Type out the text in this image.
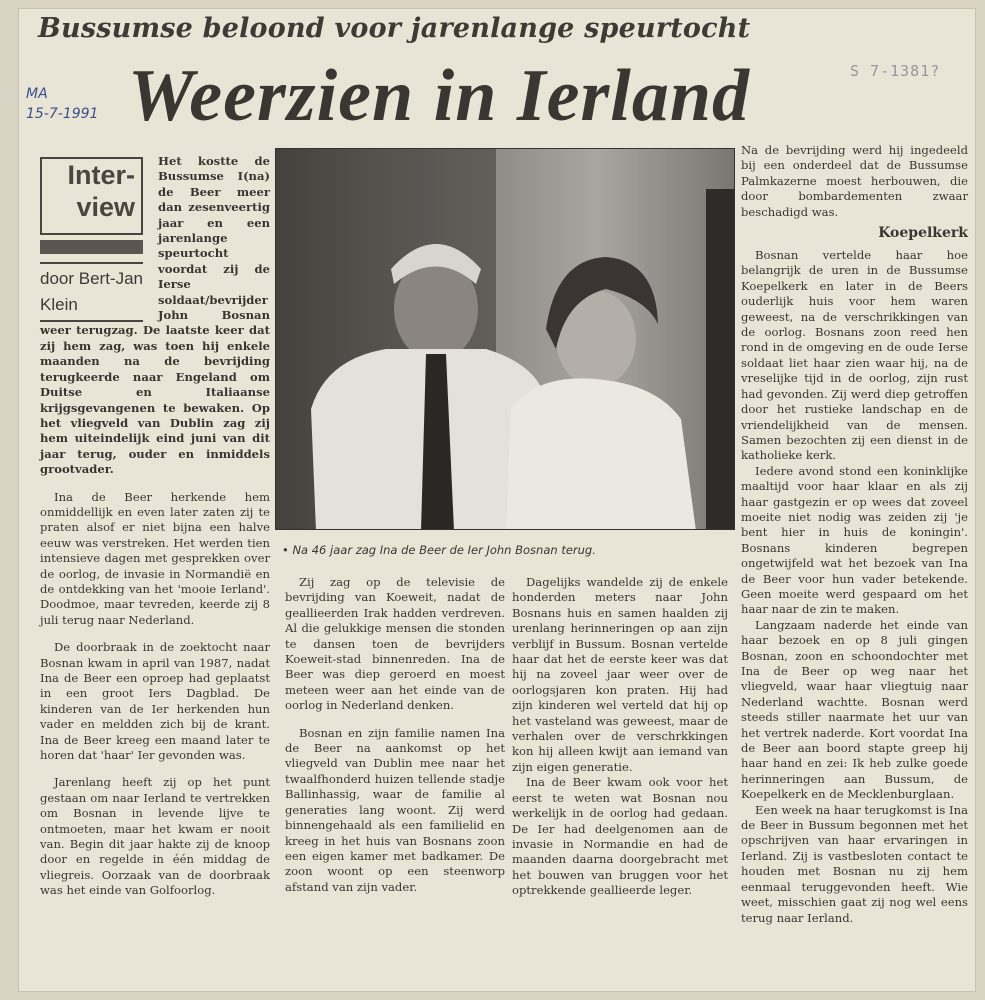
Bussumse beloond voor jarenlange speurtocht
Weerzien in Ierland
MA
15-7-1991
S 7-1381?
Inter- view
door Bert-Jan Klein
Het kostte de Bussumse I(na) de Beer meer dan zesenveertig jaar en een jarenlange speurtocht voordat zij de Ierse soldaat/bevrijder John Bosnan weer terugzag. De laatste keer dat zij hem zag, was toen hij enkele maanden na de bevrijding terugkeerde naar Engeland om Duitse en Italiaanse krijgsgevangenen te bewaken. Op het vliegveld van Dublin zag zij hem uiteindelijk eind juni van dit jaar terug, ouder en inmiddels grootvader.

Ina de Beer herkende hem onmiddellijk en even later zaten zij te praten alsof er niet bijna een halve eeuw was verstreken. Het werden tien intensieve dagen met gesprekken over de oorlog, de invasie in Normandië en de ontdekking van het 'mooie Ierland'. Doodmoe, maar tevreden, keerde zij 8 juli terug naar Nederland.

De doorbraak in de zoektocht naar Bosnan kwam in april van 1987, nadat Ina de Beer een oproep had geplaatst in een groot Iers Dagblad. De kinderen van de Ier herkenden hun vader en meldden zich bij de krant. Ina de Beer kreeg een maand later te horen dat 'haar' Ier gevonden was.

Jarenlang heeft zij op het punt gestaan om naar Ierland te vertrekken om Bosnan in levende lijve te ontmoeten, maar het kwam er nooit van. Begin dit jaar hakte zij de knoop door en regelde in één middag de vliegreis. Oorzaak van de doorbraak was het einde van Golfoorlog.

• Na 46 jaar zag Ina de Beer de Ier John Bosnan terug.

Zij zag op de televisie de bevrijding van Koeweit, nadat de geallieerden Irak hadden verdreven. Al die gelukkige mensen die stonden te dansen toen de bevrijders Koeweit-stad binnenreden. Ina de Beer was diep geroerd en moest meteen weer aan het einde van de oorlog in Nederland denken.

Bosnan en zijn familie namen Ina de Beer na aankomst op het vliegveld van Dublin mee naar het twaalfhonderd huizen tellende stadje Ballinhassig, waar de familie al generaties lang woont. Zij werd binnengehaald als een familielid en kreeg in het huis van Bosnans zoon een eigen kamer met badkamer. De zoon woont op een steenworp afstand van zijn vader.

Dagelijks wandelde zij de enkele honderden meters naar John Bosnans huis en samen haalden zij urenlang herinneringen op aan zijn verblijf in Bussum. Bosnan vertelde haar dat het de eerste keer was dat hij na zoveel jaar weer over de oorlogsjaren kon praten. Hij had zijn kinderen wel verteld dat hij op het vasteland was geweest, maar de verhalen over de verschrkkingen kon hij alleen kwijt aan iemand van zijn eigen generatie.

Ina de Beer kwam ook voor het eerst te weten wat Bosnan nou werkelijk in de oorlog had gedaan. De Ier had deelgenomen aan de invasie in Normandie en had de maanden daarna doorgebracht met het bouwen van bruggen voor het optrekkende geallieerde leger.

Na de bevrijding werd hij ingedeeld bij een onderdeel dat de Bussumse Palmkazerne moest herbouwen, die door bombardementen zwaar beschadigd was.

Koepelkerk

Bosnan vertelde haar hoe belangrijk de uren in de Bussumse Koepelkerk en later in de Beers ouderlijk huis voor hem waren geweest, na de verschrikkingen van de oorlog. Bosnans zoon reed hen rond in de omgeving en de oude Ierse soldaat liet haar zien waar hij, na de vreselijke tijd in de oorlog, zijn rust had gevonden. Zij werd diep getroffen door het rustieke landschap en de vriendelijkheid van de mensen. Samen bezochten zij een dienst in de katholieke kerk.

Iedere avond stond een koninklijke maaltijd voor haar klaar en als zij haar gastgezin er op wees dat zoveel moeite niet nodig was zeiden zij 'je bent hier in huis de koningin'. Bosnans kinderen begrepen ongetwijfeld wat het bezoek van Ina de Beer voor hun vader betekende. Geen moeite werd gespaard om het haar naar de zin te maken.

Langzaam naderde het einde van haar bezoek en op 8 juli gingen Bosnan, zoon en schoondochter met Ina de Beer op weg naar het vliegveld, waar haar vliegtuig naar Nederland wachtte. Bosnan werd steeds stiller naarmate het uur van het vertrek naderde. Kort voordat Ina de Beer aan boord stapte greep hij haar hand en zei: Ik heb zulke goede herinneringen aan Bussum, de Koepelkerk en de Mecklenburglaan.

Een week na haar terugkomst is Ina de Beer in Bussum begonnen met het opschrijven van haar ervaringen in Ierland. Zij is vastbesloten contact te houden met Bosnan nu zij hem eenmaal teruggevonden heeft. Wie weet, misschien gaat zij nog wel eens terug naar Ierland.
